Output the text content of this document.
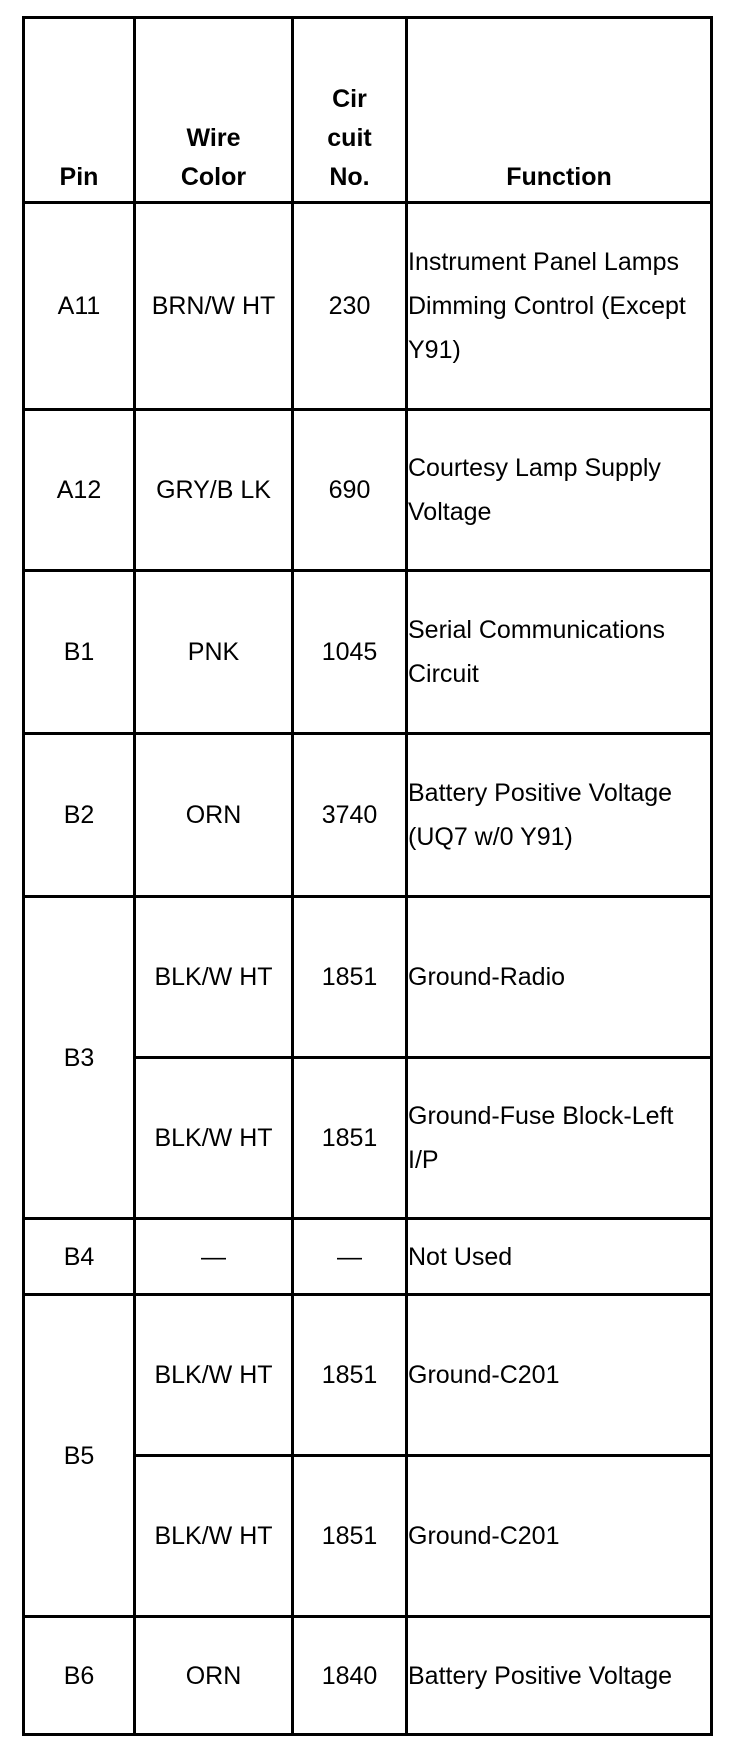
Pin	Wire Color	Cir cuit No.	Function
A11	BRN/W HT	230	Instrument Panel Lamps Dimming Control (Except Y91)
A12	GRY/B LK	690	Courtesy Lamp Supply Voltage
B1	PNK	1045	Serial Communications Circuit
B2	ORN	3740	Battery Positive Voltage (UQ7 w/0 Y91)
B3	BLK/W HT	1851	Ground-Radio
	BLK/W HT	1851	Ground-Fuse Block-Left I/P
B4	—	—	Not Used
B5	BLK/W HT	1851	Ground-C201
	BLK/W HT	1851	Ground-C201
B6	ORN	1840	Battery Positive Voltage
